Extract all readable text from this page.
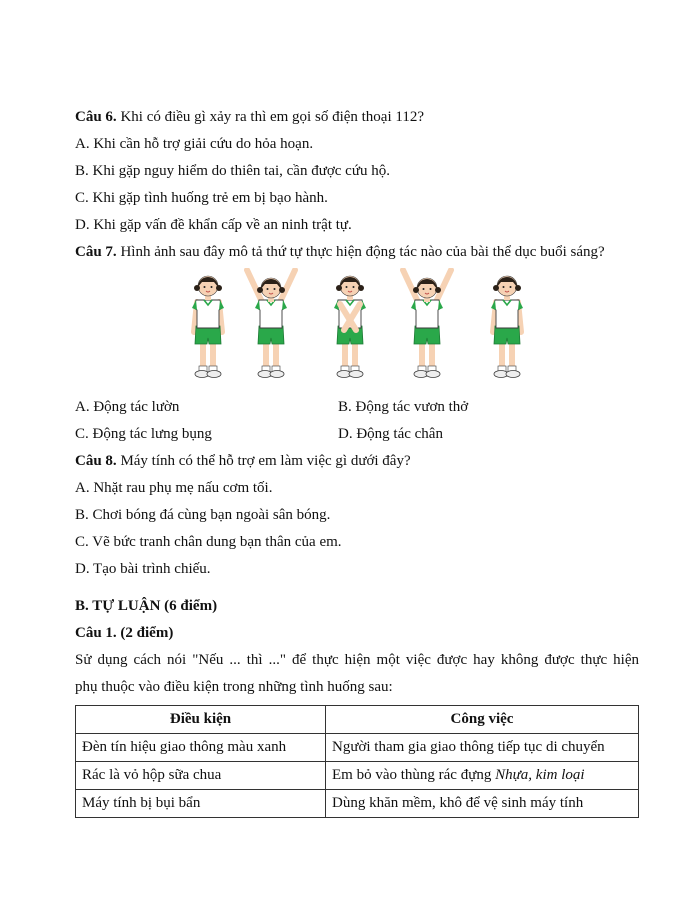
Câu 6. Khi có điều gì xảy ra thì em gọi số điện thoại 112?
A. Khi cần hỗ trợ giải cứu do hỏa hoạn.
B. Khi gặp nguy hiểm do thiên tai, cần được cứu hộ.
C. Khi gặp tình huống trẻ em bị bạo hành.
D. Khi gặp vấn đề khẩn cấp về an ninh trật tự.
Câu 7. Hình ảnh sau đây mô tả thứ tự thực hiện động tác nào của bài thể dục buổi sáng?
A. Động tác lườn	B. Động tác vươn thở
C. Động tác lưng bụng	D. Động tác chân
Câu 8. Máy tính có thể hỗ trợ em làm việc gì dưới đây?
A. Nhặt rau phụ mẹ nấu cơm tối.
B. Chơi bóng đá cùng bạn ngoài sân bóng.
C. Vẽ bức tranh chân dung bạn thân của em.
D. Tạo bài trình chiếu.
B. TỰ LUẬN (6 điểm)
Câu 1. (2 điểm)
Sử dụng cách nói "Nếu ... thì ..." để thực hiện một việc được hay không được thực hiện
phụ thuộc vào điều kiện trong những tình huống sau:
Điều kiện	Công việc
Đèn tín hiệu giao thông màu xanh	Người tham gia giao thông tiếp tục di chuyển
Rác là vỏ hộp sữa chua	Em bỏ vào thùng rác đựng Nhựa, kim loại
Máy tính bị bụi bẩn	Dùng khăn mềm, khô để vệ sinh máy tính
